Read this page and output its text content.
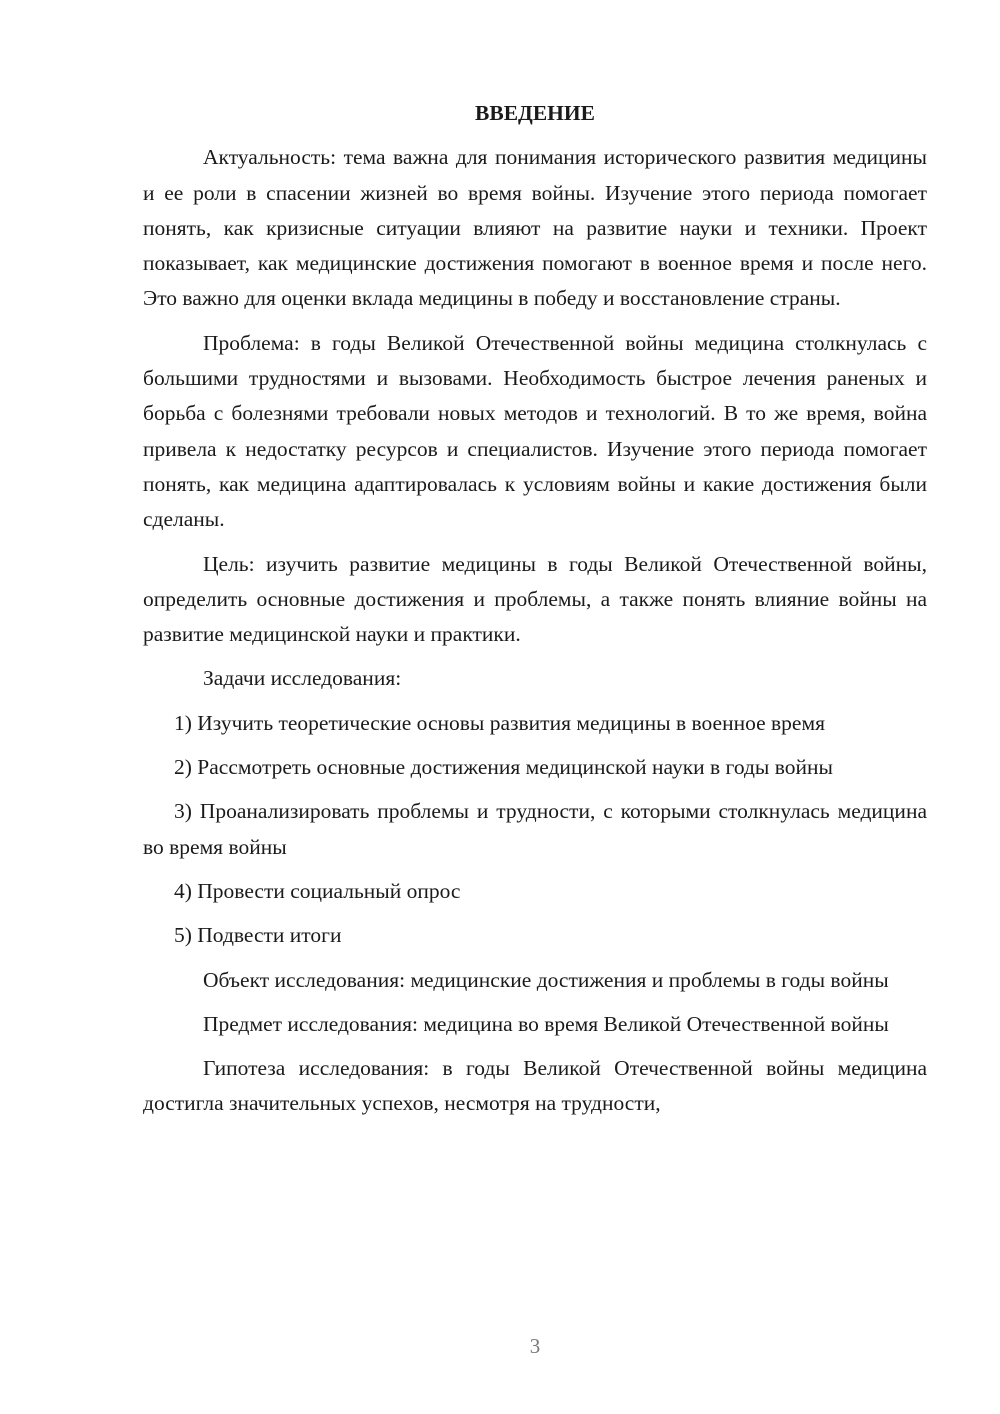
ВВЕДЕНИЕ

Актуальность: тема важна для понимания исторического развития медицины и ее роли в спасении жизней во время войны. Изучение этого периода помогает понять, как кризисные ситуации влияют на развитие науки и техники. Проект показывает, как медицинские достижения помогают в военное время и после него. Это важно для оценки вклада медицины в победу и восстановление страны.

Проблема: в годы Великой Отечественной войны медицина столкнулась с большими трудностями и вызовами. Необходимость быстрое лечения раненых и борьба с болезнями требовали новых методов и технологий. В то же время, война привела к недостатку ресурсов и специалистов. Изучение этого периода помогает понять, как медицина адаптировалась к условиям войны и какие достижения были сделаны.

Цель: изучить развитие медицины в годы Великой Отечественной войны, определить основные достижения и проблемы, а также понять влияние войны на развитие медицинской науки и практики.

Задачи исследования:

1) Изучить теоретические основы развития медицины в военное время

2) Рассмотреть основные достижения медицинской науки в годы войны

3) Проанализировать проблемы и трудности, с которыми столкнулась медицина во время войны

4) Провести социальный опрос

5) Подвести итоги

Объект исследования: медицинские достижения и проблемы в годы войны

Предмет исследования: медицина во время Великой Отечественной войны

Гипотеза исследования: в годы Великой Отечественной войны медицина достигла значительных успехов, несмотря на трудности,

3
